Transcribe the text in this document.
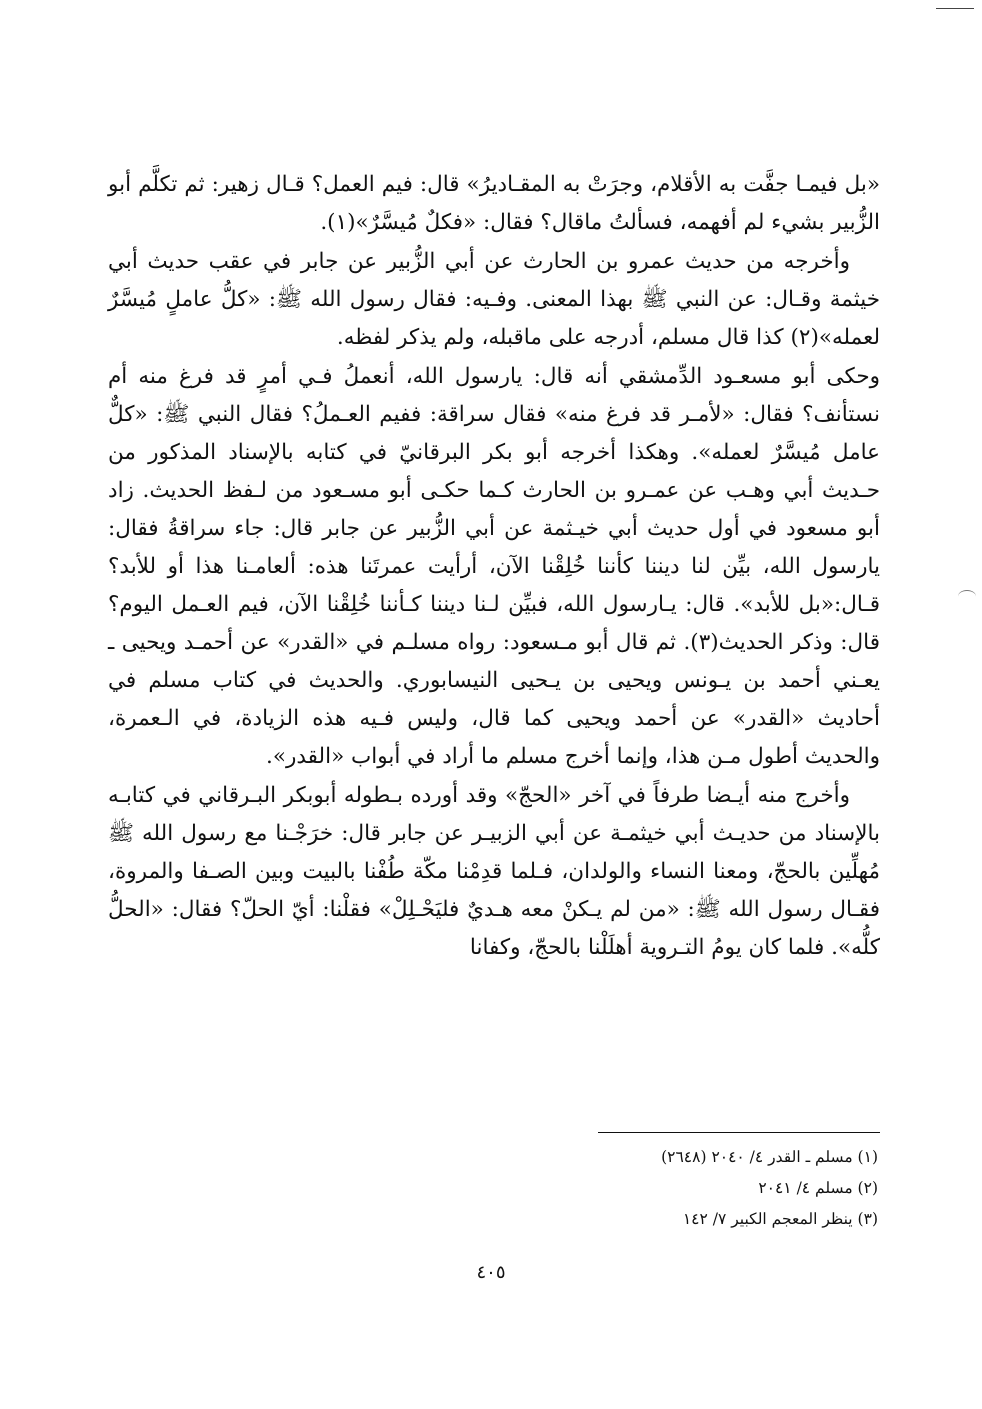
«بل فيمـا جفَّت به الأقلام، وجرَتْ به المقـاديرُ» قال: فيم العمل؟ قـال زهير: ثم تكلَّم أبو الزُّبير بشيء لم أفهمه، فسألتُ ماقال؟ فقال: «فكلٌ مُيسَّرٌ»(١).

وأخرجه من حديث عمرو بن الحارث عن أبي الزُّبير عن جابر في عقب حديث أبي خيثمة وقـال: عن النبي ﷺ بهذا المعنى. وفـيه: فقال رسول الله ﷺ: «كلُّ عاملٍ مُيسَّرٌ لعمله»(٢) كذا قال مسلم، أدرجه على ماقبله، ولم يذكر لفظه.

وحكى أبو مسعـود الدِّمشقي أنه قال: يارسول الله، أنعملُ فـي أمرٍ قد فرغ منه أم نستأنف؟ فقال: «لأمـر قد فرغ منه» فقال سراقة: ففيم العـملُ؟ فقال النبي ﷺ: «كلٌّ عامل مُيسَّرٌ لعمله». وهكذا أخرجه أبو بكر البرقانيّ في كتابه بالإسناد المذكور من حـديث أبي وهـب عن عمـرو بن الحارث كـما حكـى أبو مسـعود من لـفظ الحديث. زاد أبو مسعود في أول حديث أبي خيـثمة عن أبي الزُّبير عن جابر قال: جاء سراقةُ فقال: يارسول الله، بيِّن لنا ديننا كأننا خُلِقْنا الآن، أرأيت عمرتَنا هذه: ألعامـنا هذا أو للأبد؟ قـال:«بل للأبد». قال: يـارسول الله، فبيِّن لـنا ديننا كـأننا خُلِقْنا الآن، فيم العـمل اليوم؟ قال: وذكر الحديث(٣). ثم قال أبو مـسعود: رواه مسلـم في «القدر» عن أحمـد ويحيى ـ يعـني أحمد بن يـونس ويحيى بن يـحيى النيسابوري. والحديث في كتاب مسلم في أحاديث «القدر» عن أحمد ويحيى كما قال، وليس فـيه هذه الزيادة، في الـعمرة، والحديث أطول مـن هذا، وإنما أخرج مسلم ما أراد في أبواب «القدر».

وأخرج منه أيـضا طرفاً في آخر «الحجّ» وقد أورده بـطوله أبوبكر البـرقاني في كتابـه بالإسناد من حديـث أبي خيثمـة عن أبي الزبيـر عن جابر قال: خرَجْـنا مع رسول الله ﷺ مُهلِّين بالحجّ، ومعنا النساء والولدان، فـلما قدِمْنا مكّة طُفْنا بالبيت وبين الصـفا والمروة، فقـال رسول الله ﷺ: «من لم يـكنْ معه هـديٌ فليَحْـلِلْ» فقلْنا: أيّ الحلّ؟ فقال: «الحلُّ كلُّه». فلما كان يومُ التـروية أهلَلْنا بالحجّ، وكفانا

(١) مسلم ـ القدر ٤/ ٢٠٤٠ (٢٦٤٨)
(٢) مسلم ٤/ ٢٠٤١
(٣) ينظر المعجم الكبير ٧/ ١٤٢
٤٠٥
